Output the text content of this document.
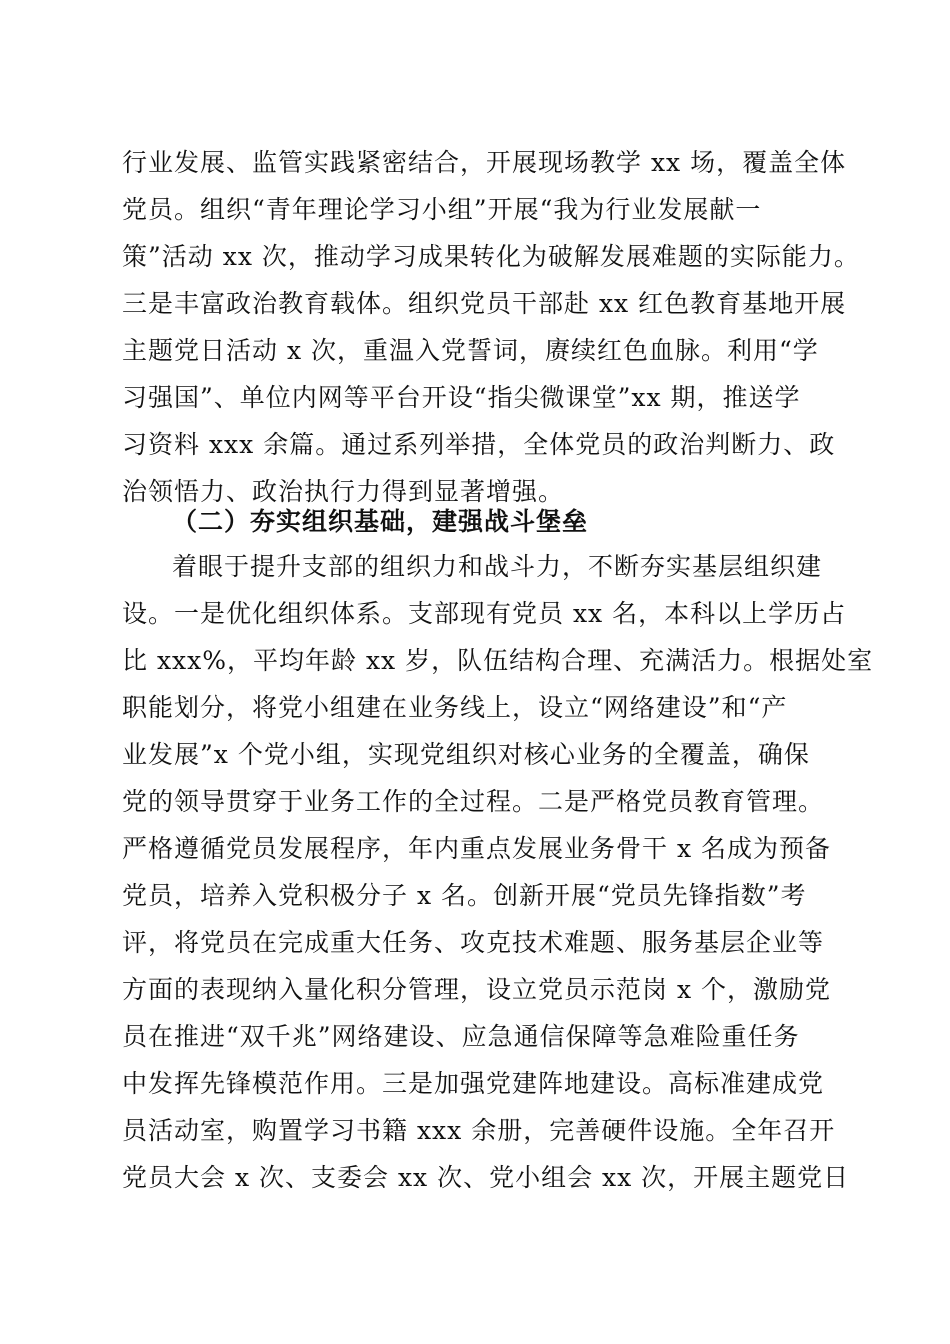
行业发展、监管实践紧密结合，开展现场教学 xx 场，覆盖全体
党员。组织“青年理论学习小组”开展“我为行业发展献一
策”活动 xx 次，推动学习成果转化为破解发展难题的实际能力。
三是丰富政治教育载体。组织党员干部赴 xx 红色教育基地开展
主题党日活动 x 次，重温入党誓词，赓续红色血脉。利用“学
习强国”、单位内网等平台开设“指尖微课堂”xx 期，推送学
习资料 xxx 余篇。通过系列举措，全体党员的政治判断力、政
治领悟力、政治执行力得到显著增强。
（二）夯实组织基础，建强战斗堡垒
着眼于提升支部的组织力和战斗力，不断夯实基层组织建
设。一是优化组织体系。支部现有党员 xx 名，本科以上学历占
比 xxx%，平均年龄 xx 岁，队伍结构合理、充满活力。根据处室
职能划分，将党小组建在业务线上，设立“网络建设”和“产
业发展”x 个党小组，实现党组织对核心业务的全覆盖，确保
党的领导贯穿于业务工作的全过程。二是严格党员教育管理。
严格遵循党员发展程序，年内重点发展业务骨干 x 名成为预备
党员，培养入党积极分子 x 名。创新开展“党员先锋指数”考
评，将党员在完成重大任务、攻克技术难题、服务基层企业等
方面的表现纳入量化积分管理，设立党员示范岗 x 个，激励党
员在推进“双千兆”网络建设、应急通信保障等急难险重任务
中发挥先锋模范作用。三是加强党建阵地建设。高标准建成党
员活动室，购置学习书籍 xxx 余册，完善硬件设施。全年召开
党员大会 x 次、支委会 xx 次、党小组会 xx 次，开展主题党日
